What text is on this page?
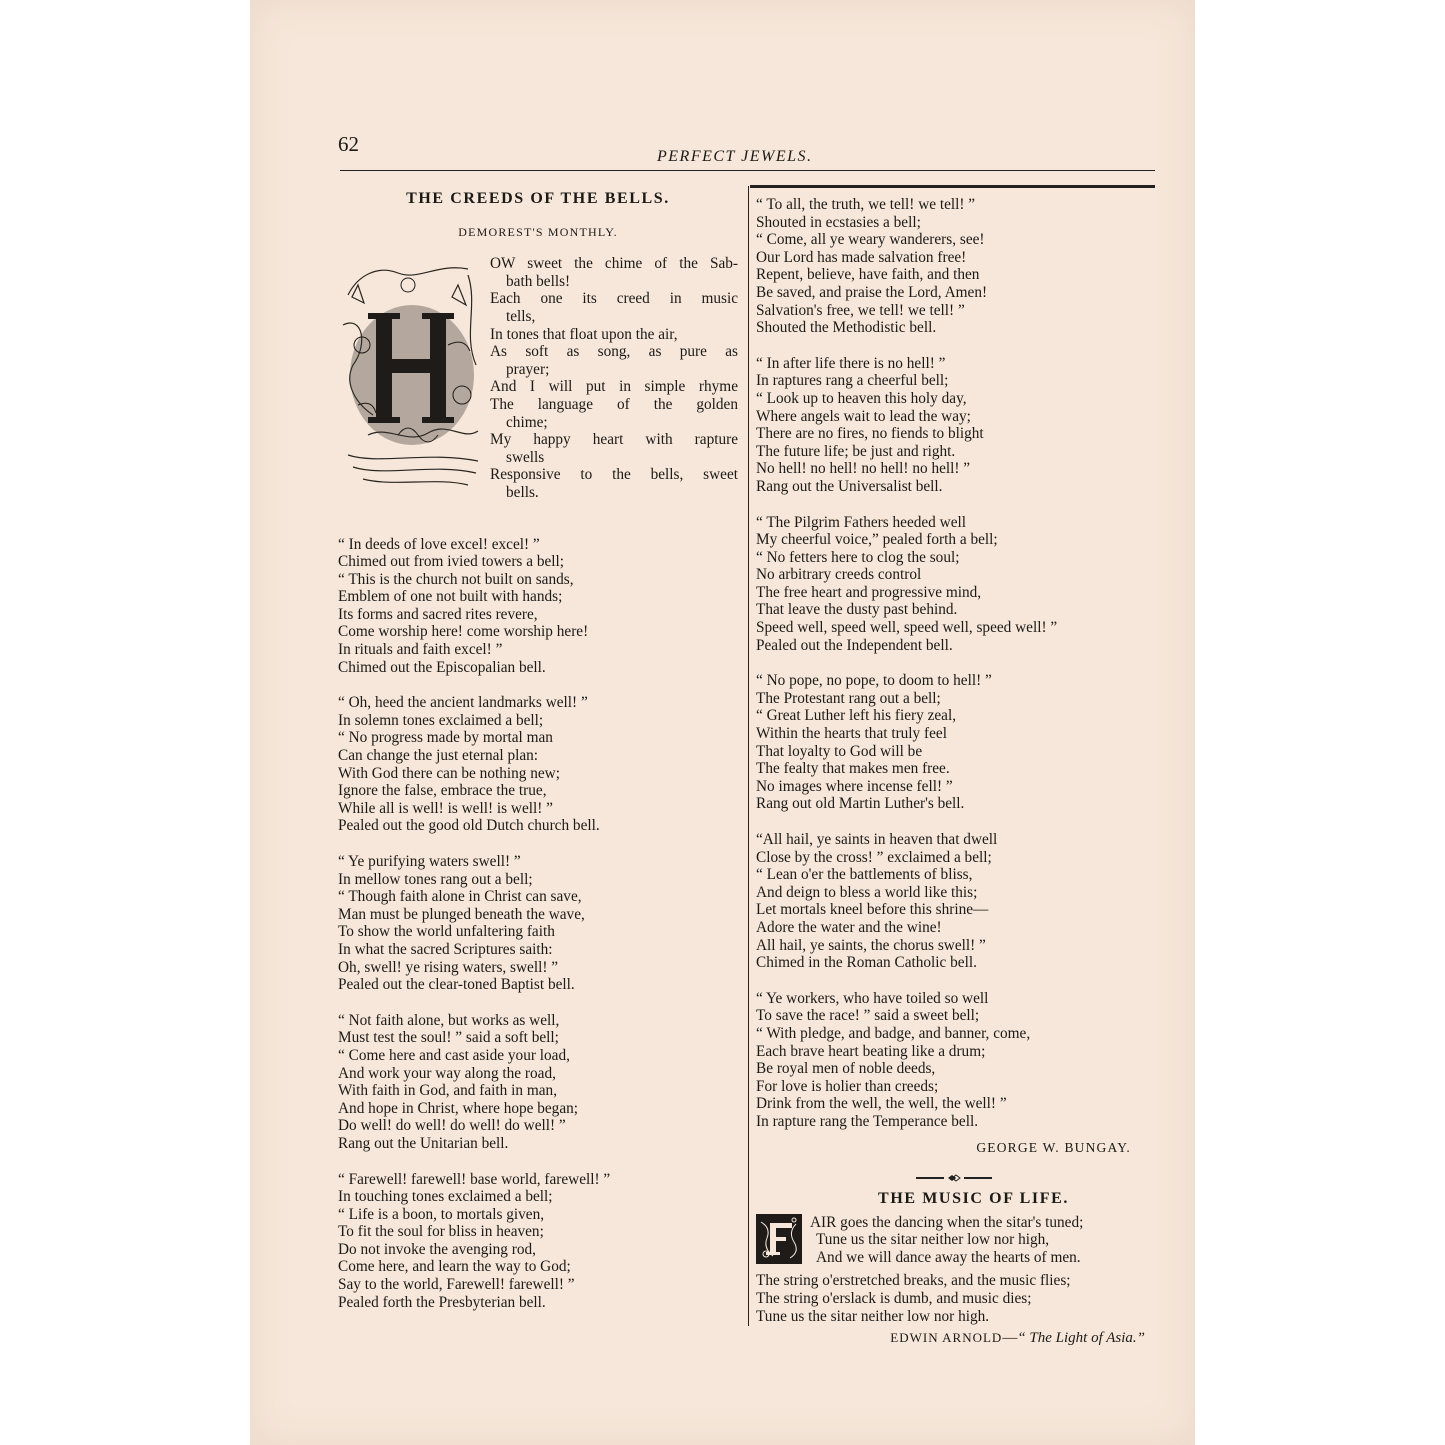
62
PERFECT JEWELS.
THE CREEDS OF THE BELLS.
DEMOREST'S MONTHLY.
OW sweet the chime of the Sab-
bath bells!
Each one its creed in music
tells,
In tones that float upon the air,
As soft as song, as pure as
prayer;
And I will put in simple rhyme
The language of the golden
chime;
My happy heart with rapture
swells
Responsive to the bells, sweet
bells.
“ In deeds of love excel! excel! ”
Chimed out from ivied towers a bell;
“ This is the church not built on sands,
Emblem of one not built with hands;
Its forms and sacred rites revere,
Come worship here! come worship here!
In rituals and faith excel! ”
Chimed out the Episcopalian bell.
“ Oh, heed the ancient landmarks well! ”
In solemn tones exclaimed a bell;
“ No progress made by mortal man
Can change the just eternal plan:
With God there can be nothing new;
Ignore the false, embrace the true,
While all is well! is well! is well! ”
Pealed out the good old Dutch church bell.
“ Ye purifying waters swell! ”
In mellow tones rang out a bell;
“ Though faith alone in Christ can save,
Man must be plunged beneath the wave,
To show the world unfaltering faith
In what the sacred Scriptures saith:
Oh, swell! ye rising waters, swell! ”
Pealed out the clear-toned Baptist bell.
“ Not faith alone, but works as well,
Must test the soul! ” said a soft bell;
“ Come here and cast aside your load,
And work your way along the road,
With faith in God, and faith in man,
And hope in Christ, where hope began;
Do well! do well! do well! do well! ”
Rang out the Unitarian bell.
“ Farewell! farewell! base world, farewell! ”
In touching tones exclaimed a bell;
“ Life is a boon, to mortals given,
To fit the soul for bliss in heaven;
Do not invoke the avenging rod,
Come here, and learn the way to God;
Say to the world, Farewell! farewell! ”
Pealed forth the Presbyterian bell.
“ To all, the truth, we tell! we tell! ”
Shouted in ecstasies a bell;
“ Come, all ye weary wanderers, see!
Our Lord has made salvation free!
Repent, believe, have faith, and then
Be saved, and praise the Lord, Amen!
Salvation's free, we tell! we tell! ”
Shouted the Methodistic bell.
“ In after life there is no hell! ”
In raptures rang a cheerful bell;
“ Look up to heaven this holy day,
Where angels wait to lead the way;
There are no fires, no fiends to blight
The future life; be just and right.
No hell! no hell! no hell! no hell! ”
Rang out the Universalist bell.
“ The Pilgrim Fathers heeded well
My cheerful voice,” pealed forth a bell;
“ No fetters here to clog the soul;
No arbitrary creeds control
The free heart and progressive mind,
That leave the dusty past behind.
Speed well, speed well, speed well, speed well! ”
Pealed out the Independent bell.
“ No pope, no pope, to doom to hell! ”
The Protestant rang out a bell;
“ Great Luther left his fiery zeal,
Within the hearts that truly feel
That loyalty to God will be
The fealty that makes men free.
No images where incense fell! ”
Rang out old Martin Luther's bell.
“All hail, ye saints in heaven that dwell
Close by the cross! ” exclaimed a bell;
“ Lean o'er the battlements of bliss,
And deign to bless a world like this;
Let mortals kneel before this shrine—
Adore the water and the wine!
All hail, ye saints, the chorus swell! ”
Chimed in the Roman Catholic bell.
“ Ye workers, who have toiled so well
To save the race! ” said a sweet bell;
“ With pledge, and badge, and banner, come,
Each brave heart beating like a drum;
Be royal men of noble deeds,
For love is holier than creeds;
Drink from the well, the well, the well! ”
In rapture rang the Temperance bell.
GEORGE W. BUNGAY.
THE MUSIC OF LIFE.
AIR goes the dancing when the sitar's tuned;
Tune us the sitar neither low nor high,
And we will dance away the hearts of men.
The string o'erstretched breaks, and the music flies;
The string o'erslack is dumb, and music dies;
Tune us the sitar neither low nor high.
EDWIN ARNOLD—“ The Light of Asia.”
